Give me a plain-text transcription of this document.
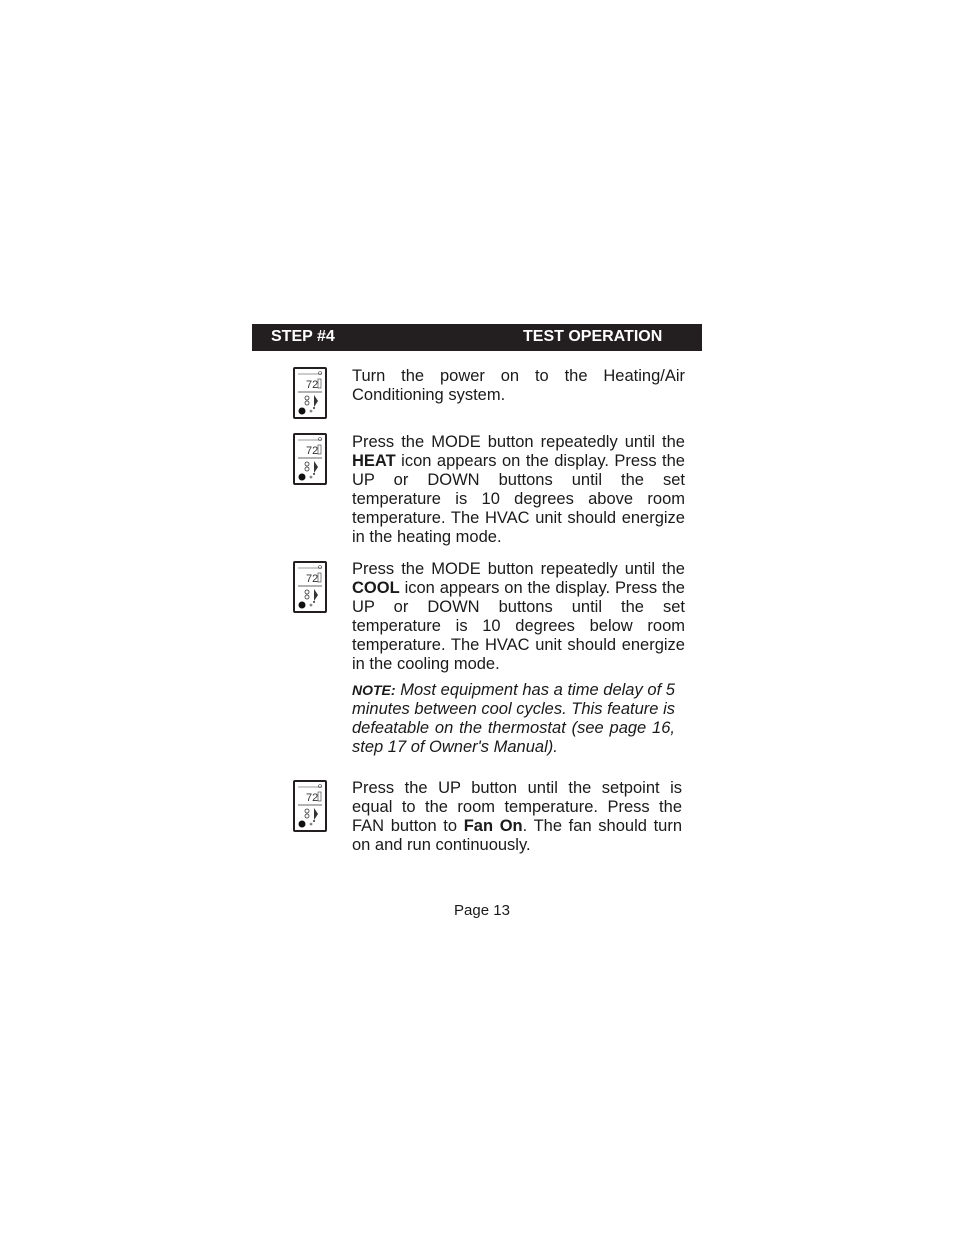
STEP #4	TEST OPERATION
72 Turn the power on to the Heating/Air Conditioning system.
72 Press the MODE button repeatedly until the HEAT icon appears on the display. Press the UP or DOWN buttons until the set temperature is 10 degrees above room temperature. The HVAC unit should energize in the heating mode.
72
Press the MODE button repeatedly until the COOL icon appears on the display. Press the UP or DOWN buttons until the set temperature is 10 degrees below room temperature. The HVAC unit should energize in the cooling mode.
NOTE: Most equipment has a time delay of 5 minutes between cool cycles. This feature is defeatable on the thermostat (see page 16, step 17 of Owner's Manual).
72
Press the UP button until the setpoint is equal to the room temperature. Press the FAN button to Fan On. The fan should turn on and run continuously.
Page 13
